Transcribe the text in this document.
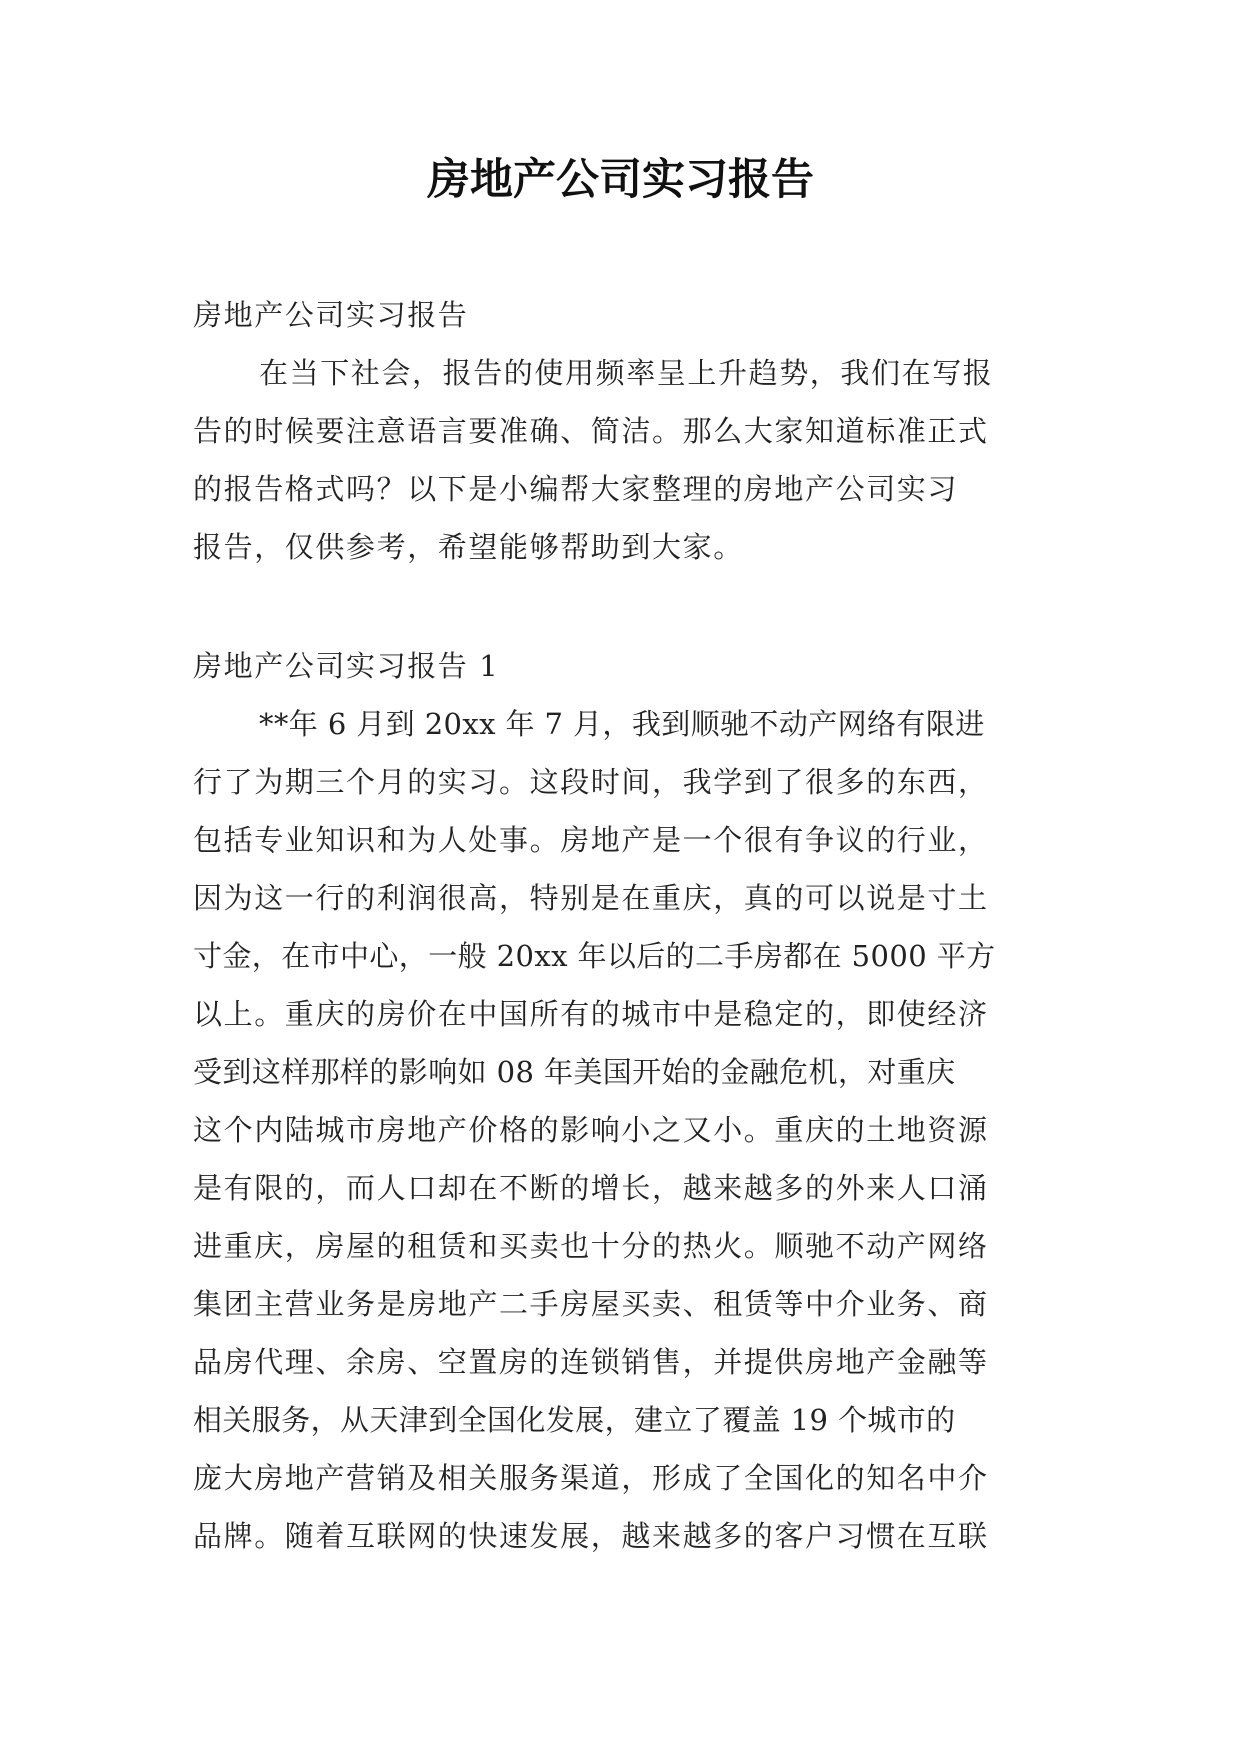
房地产公司实习报告
房地产公司实习报告
在当下社会，报告的使用频率呈上升趋势，我们在写报
告的时候要注意语言要准确、简洁。那么大家知道标准正式
的报告格式吗？以下是小编帮大家整理的房地产公司实习
报告，仅供参考，希望能够帮助到大家。
房地产公司实习报告 1
**年 6 月到 20xx 年 7 月，我到顺驰不动产网络有限进
行了为期三个月的实习。这段时间，我学到了很多的东西，
包括专业知识和为人处事。房地产是一个很有争议的行业，
因为这一行的利润很高，特别是在重庆，真的可以说是寸土
寸金，在市中心，一般 20xx 年以后的二手房都在 5000 平方
以上。重庆的房价在中国所有的城市中是稳定的，即使经济
受到这样那样的影响如 08 年美国开始的金融危机，对重庆
这个内陆城市房地产价格的影响小之又小。重庆的土地资源
是有限的，而人口却在不断的增长，越来越多的外来人口涌
进重庆，房屋的租赁和买卖也十分的热火。顺驰不动产网络
集团主营业务是房地产二手房屋买卖、租赁等中介业务、商
品房代理、余房、空置房的连锁销售，并提供房地产金融等
相关服务，从天津到全国化发展，建立了覆盖 19 个城市的
庞大房地产营销及相关服务渠道，形成了全国化的知名中介
品牌。随着互联网的快速发展，越来越多的客户习惯在互联
